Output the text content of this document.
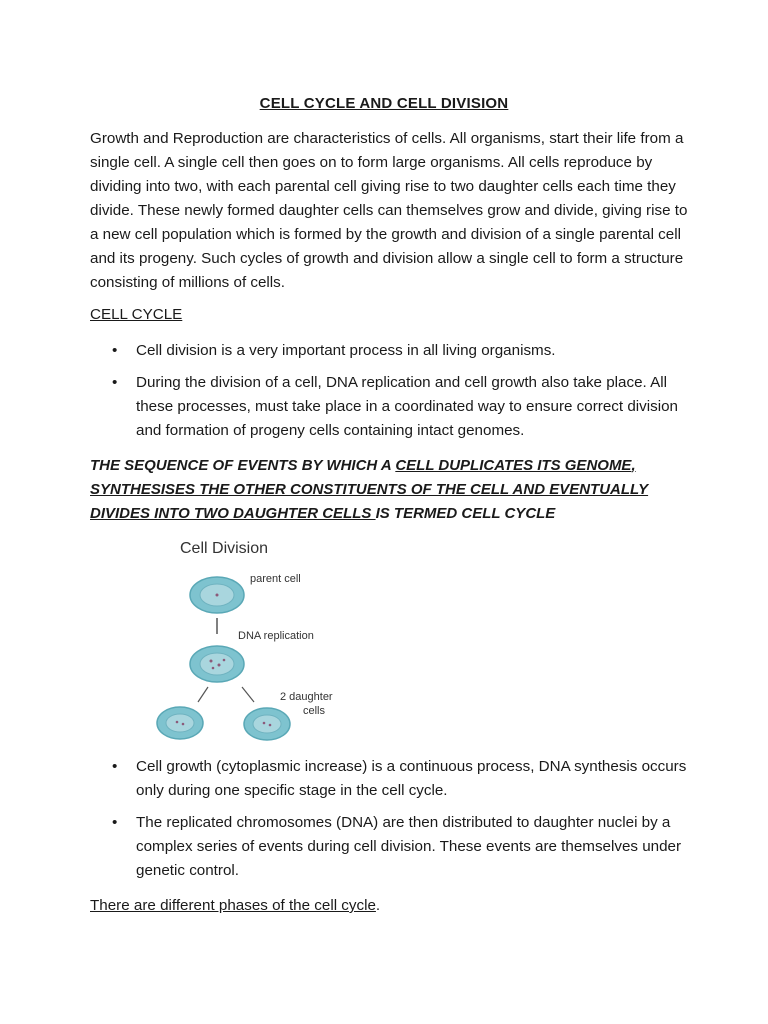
CELL CYCLE AND CELL DIVISION

Growth and Reproduction are characteristics of cells. All organisms, start their life from a single cell. A single cell then goes on to form large organisms. All cells reproduce by dividing into two, with each parental cell giving rise to two daughter cells each time they divide. These newly formed daughter cells can themselves grow and divide, giving rise to a new cell population which is formed by the growth and division of a single parental cell and its progeny. Such cycles of growth and division allow a single cell to form a structure consisting of millions of cells.

CELL CYCLE
• Cell division is a very important process in all living organisms.
• During the division of a cell, DNA replication and cell growth also take place. All these processes, must take place in a coordinated way to ensure correct division and formation of progeny cells containing intact genomes.

THE SEQUENCE OF EVENTS BY WHICH A CELL DUPLICATES ITS GENOME, SYNTHESISES THE OTHER CONSTITUENTS OF THE CELL AND EVENTUALLY DIVIDES INTO TWO DAUGHTER CELLS IS TERMED CELL CYCLE

Cell Division
parent cell
DNA replication
2 daughter
cells
• Cell growth (cytoplasmic increase) is a continuous process, DNA synthesis occurs only during one specific stage in the cell cycle.
• The replicated chromosomes (DNA) are then distributed to daughter nuclei by a complex series of events during cell division. These events are themselves under genetic control.
There are different phases of the cell cycle.
